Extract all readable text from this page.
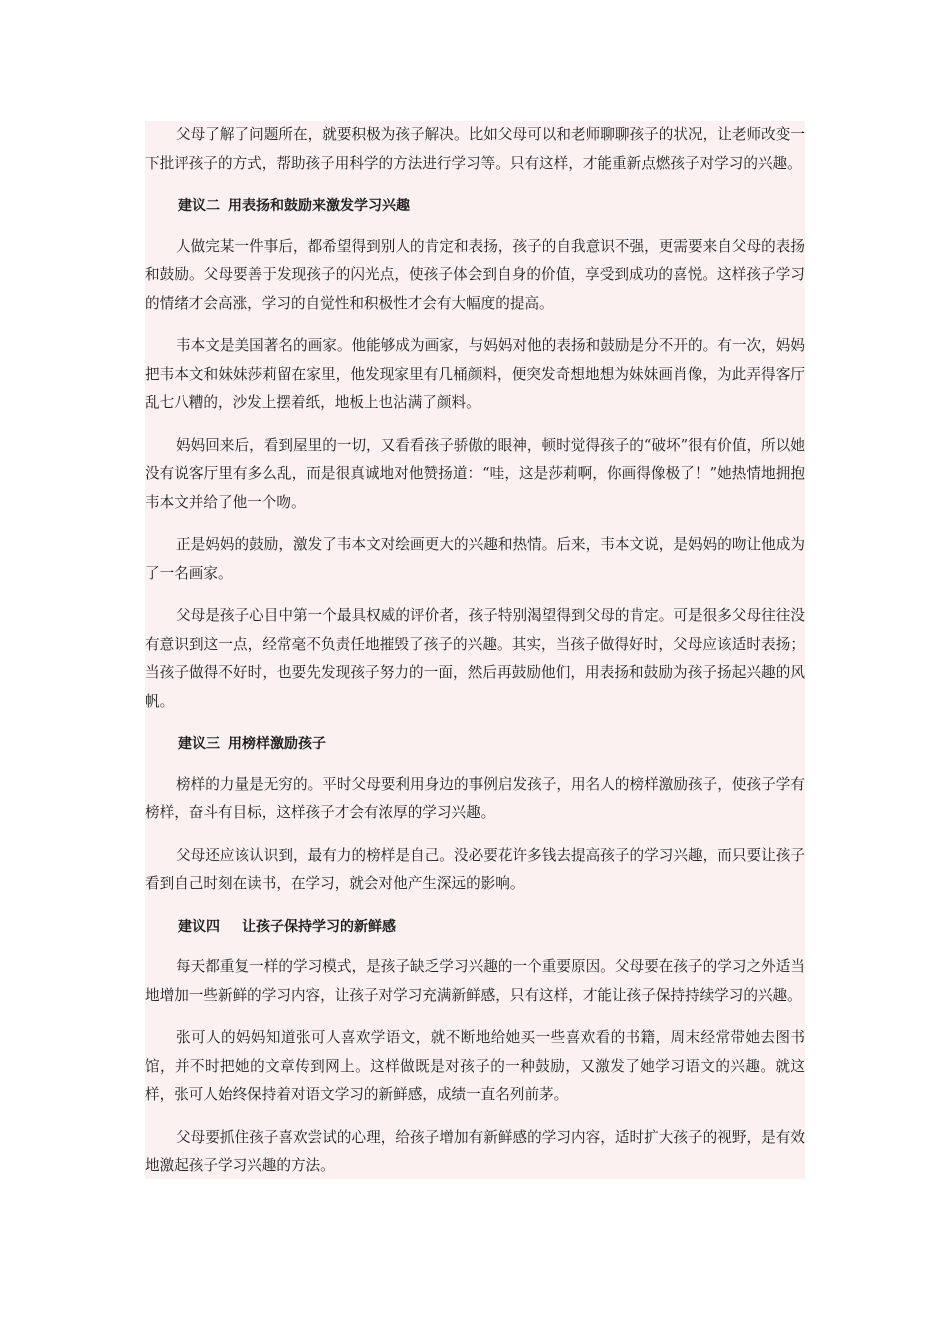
父母了解了问题所在，就要积极为孩子解决。比如父母可以和老师聊聊孩子的状况，让老师改变一下批评孩子的方式，帮助孩子用科学的方法进行学习等。只有这样，才能重新点燃孩子对学习的兴趣。

建议二 用表扬和鼓励来激发学习兴趣

人做完某一件事后，都希望得到别人的肯定和表扬，孩子的自我意识不强，更需要来自父母的表扬和鼓励。父母要善于发现孩子的闪光点，使孩子体会到自身的价值，享受到成功的喜悦。这样孩子学习的情绪才会高涨，学习的自觉性和积极性才会有大幅度的提高。

韦本文是美国著名的画家。他能够成为画家，与妈妈对他的表扬和鼓励是分不开的。有一次，妈妈把韦本文和妹妹莎莉留在家里，他发现家里有几桶颜料，便突发奇想地想为妹妹画肖像，为此弄得客厅乱七八糟的，沙发上摆着纸，地板上也沾满了颜料。

妈妈回来后，看到屋里的一切，又看看孩子骄傲的眼神，顿时觉得孩子的“破坏”很有价值，所以她没有说客厅里有多么乱，而是很真诚地对他赞扬道：“哇，这是莎莉啊，你画得像极了！”她热情地拥抱韦本文并给了他一个吻。

正是妈妈的鼓励，激发了韦本文对绘画更大的兴趣和热情。后来，韦本文说，是妈妈的吻让他成为了一名画家。

父母是孩子心目中第一个最具权威的评价者，孩子特别渴望得到父母的肯定。可是很多父母往往没有意识到这一点，经常毫不负责任地摧毁了孩子的兴趣。其实，当孩子做得好时，父母应该适时表扬；当孩子做得不好时，也要先发现孩子努力的一面，然后再鼓励他们，用表扬和鼓励为孩子扬起兴趣的风帆。

建议三 用榜样激励孩子

榜样的力量是无穷的。平时父母要利用身边的事例启发孩子，用名人的榜样激励孩子，使孩子学有榜样，奋斗有目标，这样孩子才会有浓厚的学习兴趣。

父母还应该认识到，最有力的榜样是自己。没必要花许多钱去提高孩子的学习兴趣，而只要让孩子看到自己时刻在读书，在学习，就会对他产生深远的影响。

建议四 让孩子保持学习的新鲜感

每天都重复一样的学习模式，是孩子缺乏学习兴趣的一个重要原因。父母要在孩子的学习之外适当地增加一些新鲜的学习内容，让孩子对学习充满新鲜感，只有这样，才能让孩子保持持续学习的兴趣。

张可人的妈妈知道张可人喜欢学语文，就不断地给她买一些喜欢看的书籍，周末经常带她去图书馆，并不时把她的文章传到网上。这样做既是对孩子的一种鼓励，又激发了她学习语文的兴趣。就这样，张可人始终保持着对语文学习的新鲜感，成绩一直名列前茅。

父母要抓住孩子喜欢尝试的心理，给孩子增加有新鲜感的学习内容，适时扩大孩子的视野，是有效地激起孩子学习兴趣的方法。
